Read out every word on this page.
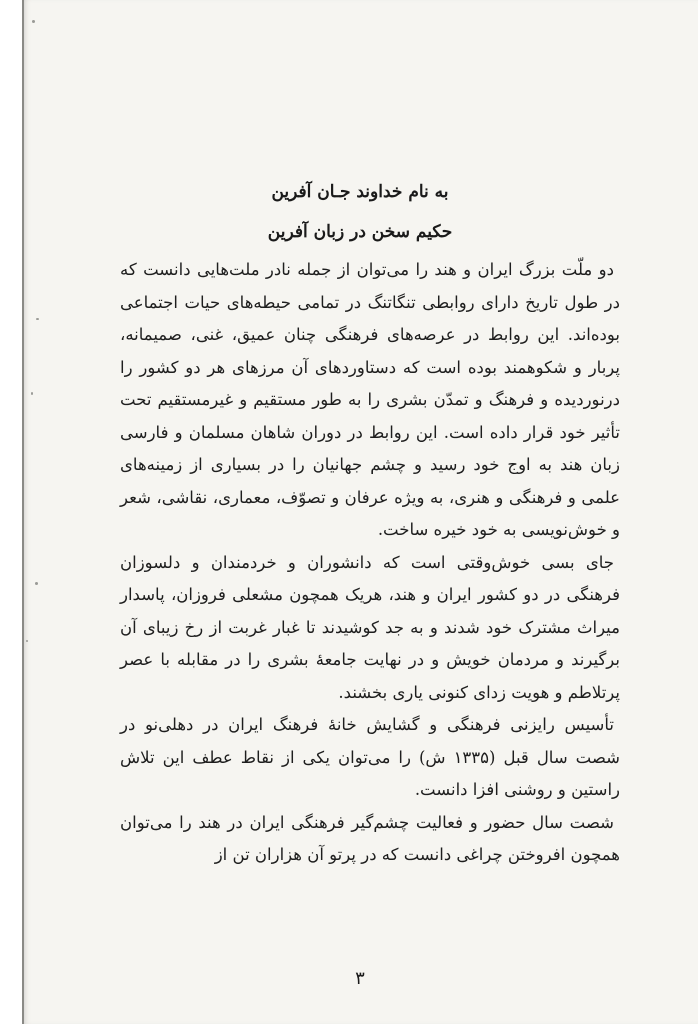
به نام خداوند جـان آفرین
حکیم سخن در زبان آفرین

دو ملّت بزرگ ایران و هند را می‌توان از جمله نادر ملت‌هایی دانست که در طول تاریخ دارای روابطی تنگاتنگ در تمامی حیطه‌های حیات اجتماعی بوده‌اند. این روابط در عرصه‌های فرهنگی چنان عمیق، غنی، صمیمانه، پربار و شکوهمند بوده است که دستاوردهای آن مرزهای هر دو کشور را درنوردیده و فرهنگ و تمدّن بشری را به طور مستقیم و غیرمستقیم تحت تأثیر خود قرار داده است. این روابط در دوران شاهان مسلمان و فارسی زبان هند به اوج خود رسید و چشم جهانیان را در بسیاری از زمینه‌های علمی و فرهنگی و هنری، به ویژه عرفان و تصوّف، معماری، نقاشی، شعر و خوش‌نویسی به خود خیره ساخت.

جای بسی خوش‌وقتی است که دانشوران و خردمندان و دلسوزان فرهنگی در دو کشور ایران و هند، هریک همچون مشعلی فروزان، پاسدار میراث مشترک خود شدند و به جد کوشیدند تا غبار غربت از رخ زیبای آن برگیرند و مردمان خویش و در نهایت جامعهٔ بشری را در مقابله با عصر پرتلاطم و هویت زدای کنونی یاری بخشند.

تأسیس رایزنی فرهنگی و گشایش خانهٔ فرهنگ ایران در دهلی‌نو در شصت سال قبل (۱۳۳۵ ش) را می‌توان یکی از نقاط عطف این تلاش راستین و روشنی افزا دانست.

شصت سال حضور و فعالیت چشم‌گیر فرهنگی ایران در هند را می‌توان همچون افروختن چراغی دانست که در پرتو آن هزاران تن از

۳
